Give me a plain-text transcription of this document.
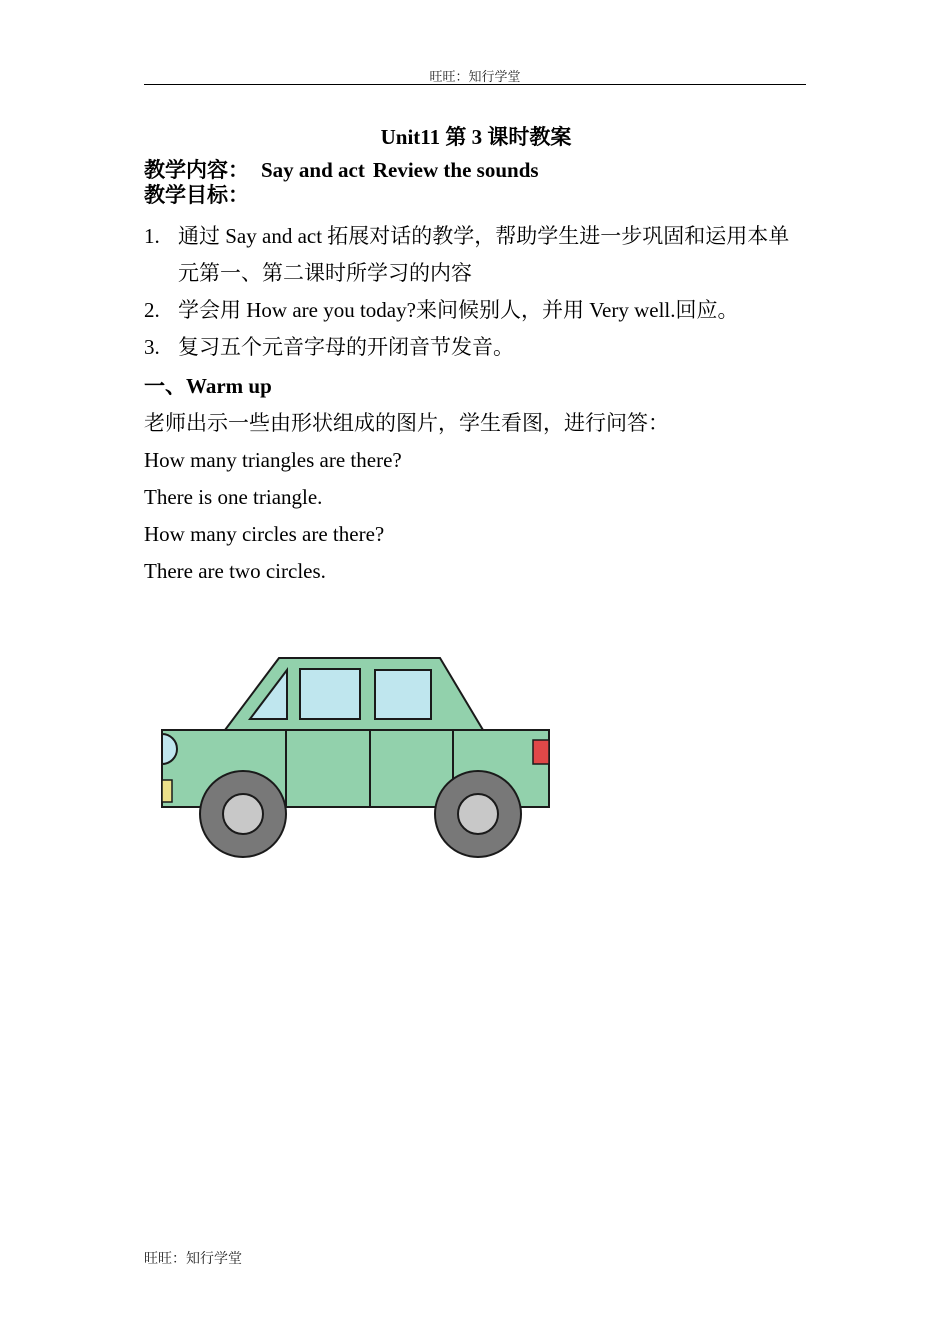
旺旺：知行学堂
Unit11 第 3 课时教案

教学内容： Say and act Review the sounds

教学目标：

1. 通过 Say and act 拓展对话的教学，帮助学生进一步巩固和运用本单元第一、第二课时所学习的内容
2. 学会用 How are you today?来问候别人，并用 Very well.回应。
3. 复习五个元音字母的开闭音节发音。
一、Warm up

老师出示一些由形状组成的图片，学生看图，进行问答：

How many triangles are there?

There is one triangle.

How many circles are there?

There are two circles.

旺旺：知行学堂
